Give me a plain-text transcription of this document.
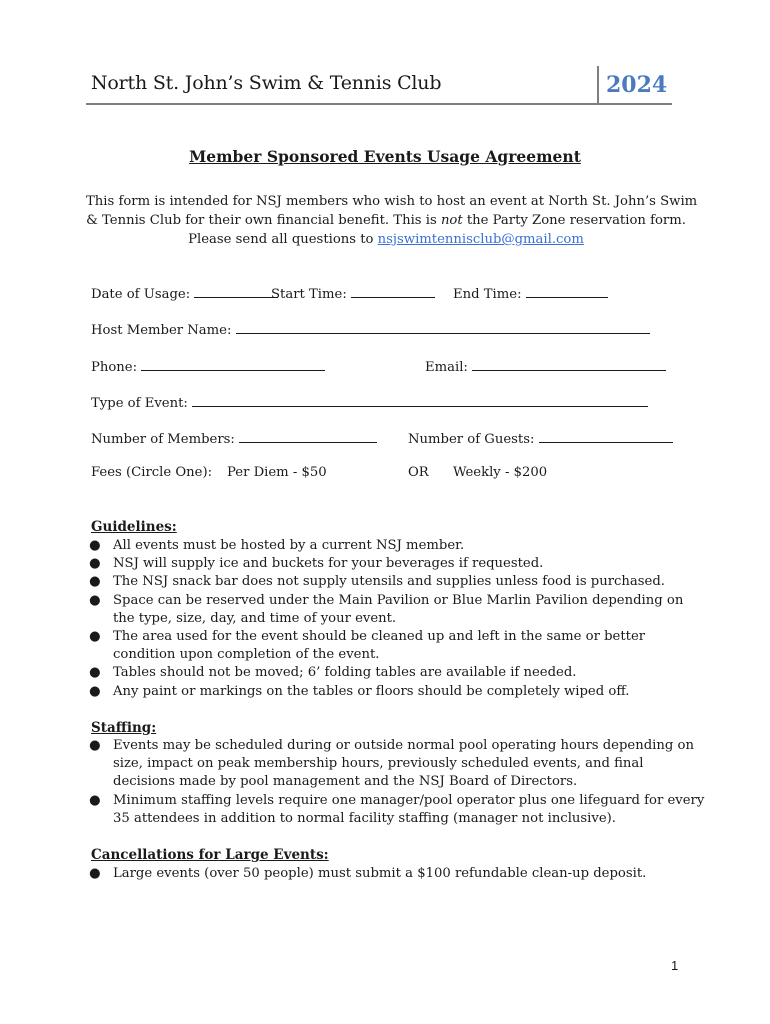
North St. John’s Swim & Tennis Club	2024
Member Sponsored Events Usage Agreement
This form is intended for NSJ members who wish to host an event at North St. John’s Swim
& Tennis Club for their own financial benefit. This is not the Party Zone reservation form.
Please send all questions to nsjswimtennisclub@gmail.com
Date of Usage:	Start Time:	End Time:
Host Member Name:
Phone:	Email:
Type of Event:
Number of Members:	Number of Guests:
Fees (Circle One): Per Diem - $50	OR Weekly - $200
Guidelines:
● All events must be hosted by a current NSJ member.
● NSJ will supply ice and buckets for your beverages if requested.
● The NSJ snack bar does not supply utensils and supplies unless food is purchased.
● Space can be reserved under the Main Pavilion or Blue Marlin Pavilion depending on the type, size, day, and time of your event.
● The area used for the event should be cleaned up and left in the same or better condition upon completion of the event.
● Tables should not be moved; 6’ folding tables are available if needed.
● Any paint or markings on the tables or floors should be completely wiped off.
Staffing:
● Events may be scheduled during or outside normal pool operating hours depending on size, impact on peak membership hours, previously scheduled events, and final decisions made by pool management and the NSJ Board of Directors.
● Minimum staffing levels require one manager/pool operator plus one lifeguard for every 35 attendees in addition to normal facility staffing (manager not inclusive).
Cancellations for Large Events:
● Large events (over 50 people) must submit a $100 refundable clean-up deposit.
1
